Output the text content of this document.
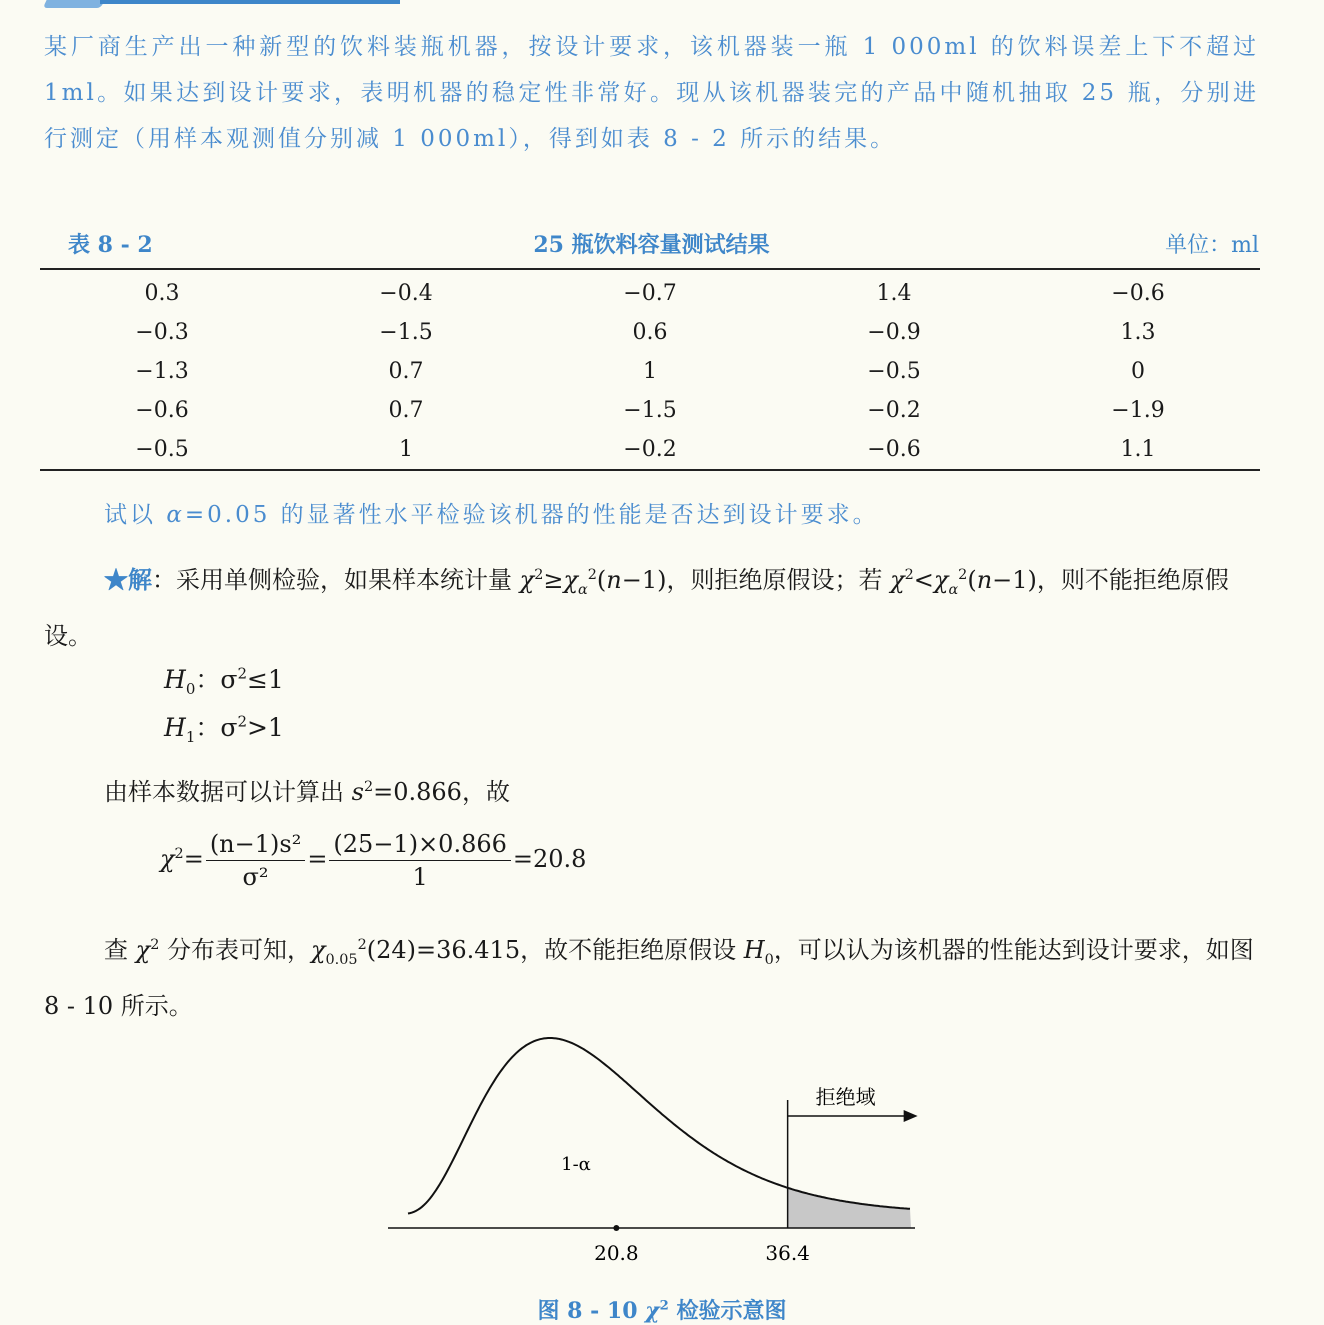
某厂商生产出一种新型的饮料装瓶机器，按设计要求，该机器装一瓶 1 000ml 的饮料误差上下不超过 1ml。如果达到设计要求，表明机器的稳定性非常好。现从该机器装完的产品中随机抽取 25 瓶，分别进行测定（用样本观测值分别减 1 000ml），得到如表 8 - 2 所示的结果。
表 8 - 2	25 瓶饮料容量测试结果	单位：ml
0.3	−0.4	−0.7	1.4	−0.6
−0.3	−1.5	0.6	−0.9	1.3
−1.3	0.7	1	−0.5	0
−0.6	0.7	−1.5	−0.2	−1.9
−0.5	1	−0.2	−0.6	1.1
试以 α=0.05 的显著性水平检验该机器的性能是否达到设计要求。
★解：采用单侧检验，如果样本统计量 $\chi^2\ge\chi_\alpha^2(n-1)$，则拒绝原假设；若 $\chi^2<\chi_\alpha^2(n-1)$，则不能拒绝原假设。
$H_0$：$\sigma^2\le 1$
$H_1$：$\sigma^2>1$
由样本数据可以计算出 $s^2=0.866$，故
$\chi^2= \frac{\text{(n−1)s²}}{\text{σ²}} = \frac{(25-1)\times 0.866}{1} =20.8$
查 $\chi^2$ 分布表可知，$\chi_{0.05}^2(24)=36.415$，故不能拒绝原假设 $H_0$，可以认为该机器的性能达到设计要求，如图 8 - 10 所示。
拒绝域
1-α
20.8	36.4
图 8 - 10 $\chi^2$ 检验示意图
